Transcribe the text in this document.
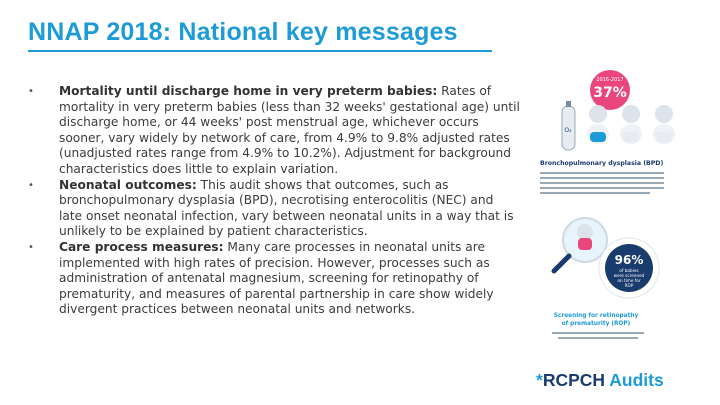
NNAP 2018: National key messages
• Mortality until discharge home in very preterm babies: Rates of mortality in very preterm babies (less than 32 weeks' gestational age) until discharge home, or 44 weeks' post menstrual age, whichever occurs sooner, vary widely by network of care, from 4.9% to 9.8% adjusted rates (unadjusted rates range from 4.9% to 10.2%). Adjustment for background characteristics does little to explain variation.
• Neonatal outcomes: This audit shows that outcomes, such as bronchopulmonary dysplasia (BPD), necrotising enterocolitis (NEC) and late onset neonatal infection, vary between neonatal units in a way that is unlikely to be explained by patient characteristics.
• Care process measures: Many care processes in neonatal units are implemented with high rates of precision. However, processes such as administration of antenatal magnesium, screening for retinopathy of prematurity, and measures of parental partnership in care show widely divergent practices between neonatal units and networks.
2016-2017
37%
O₂
Bronchopulmonary dysplasia (BPD)
96%
of babies
were screened
on time for
ROP
Screening for retinopathy
of prematurity (ROP)
*RCPCH Audits
